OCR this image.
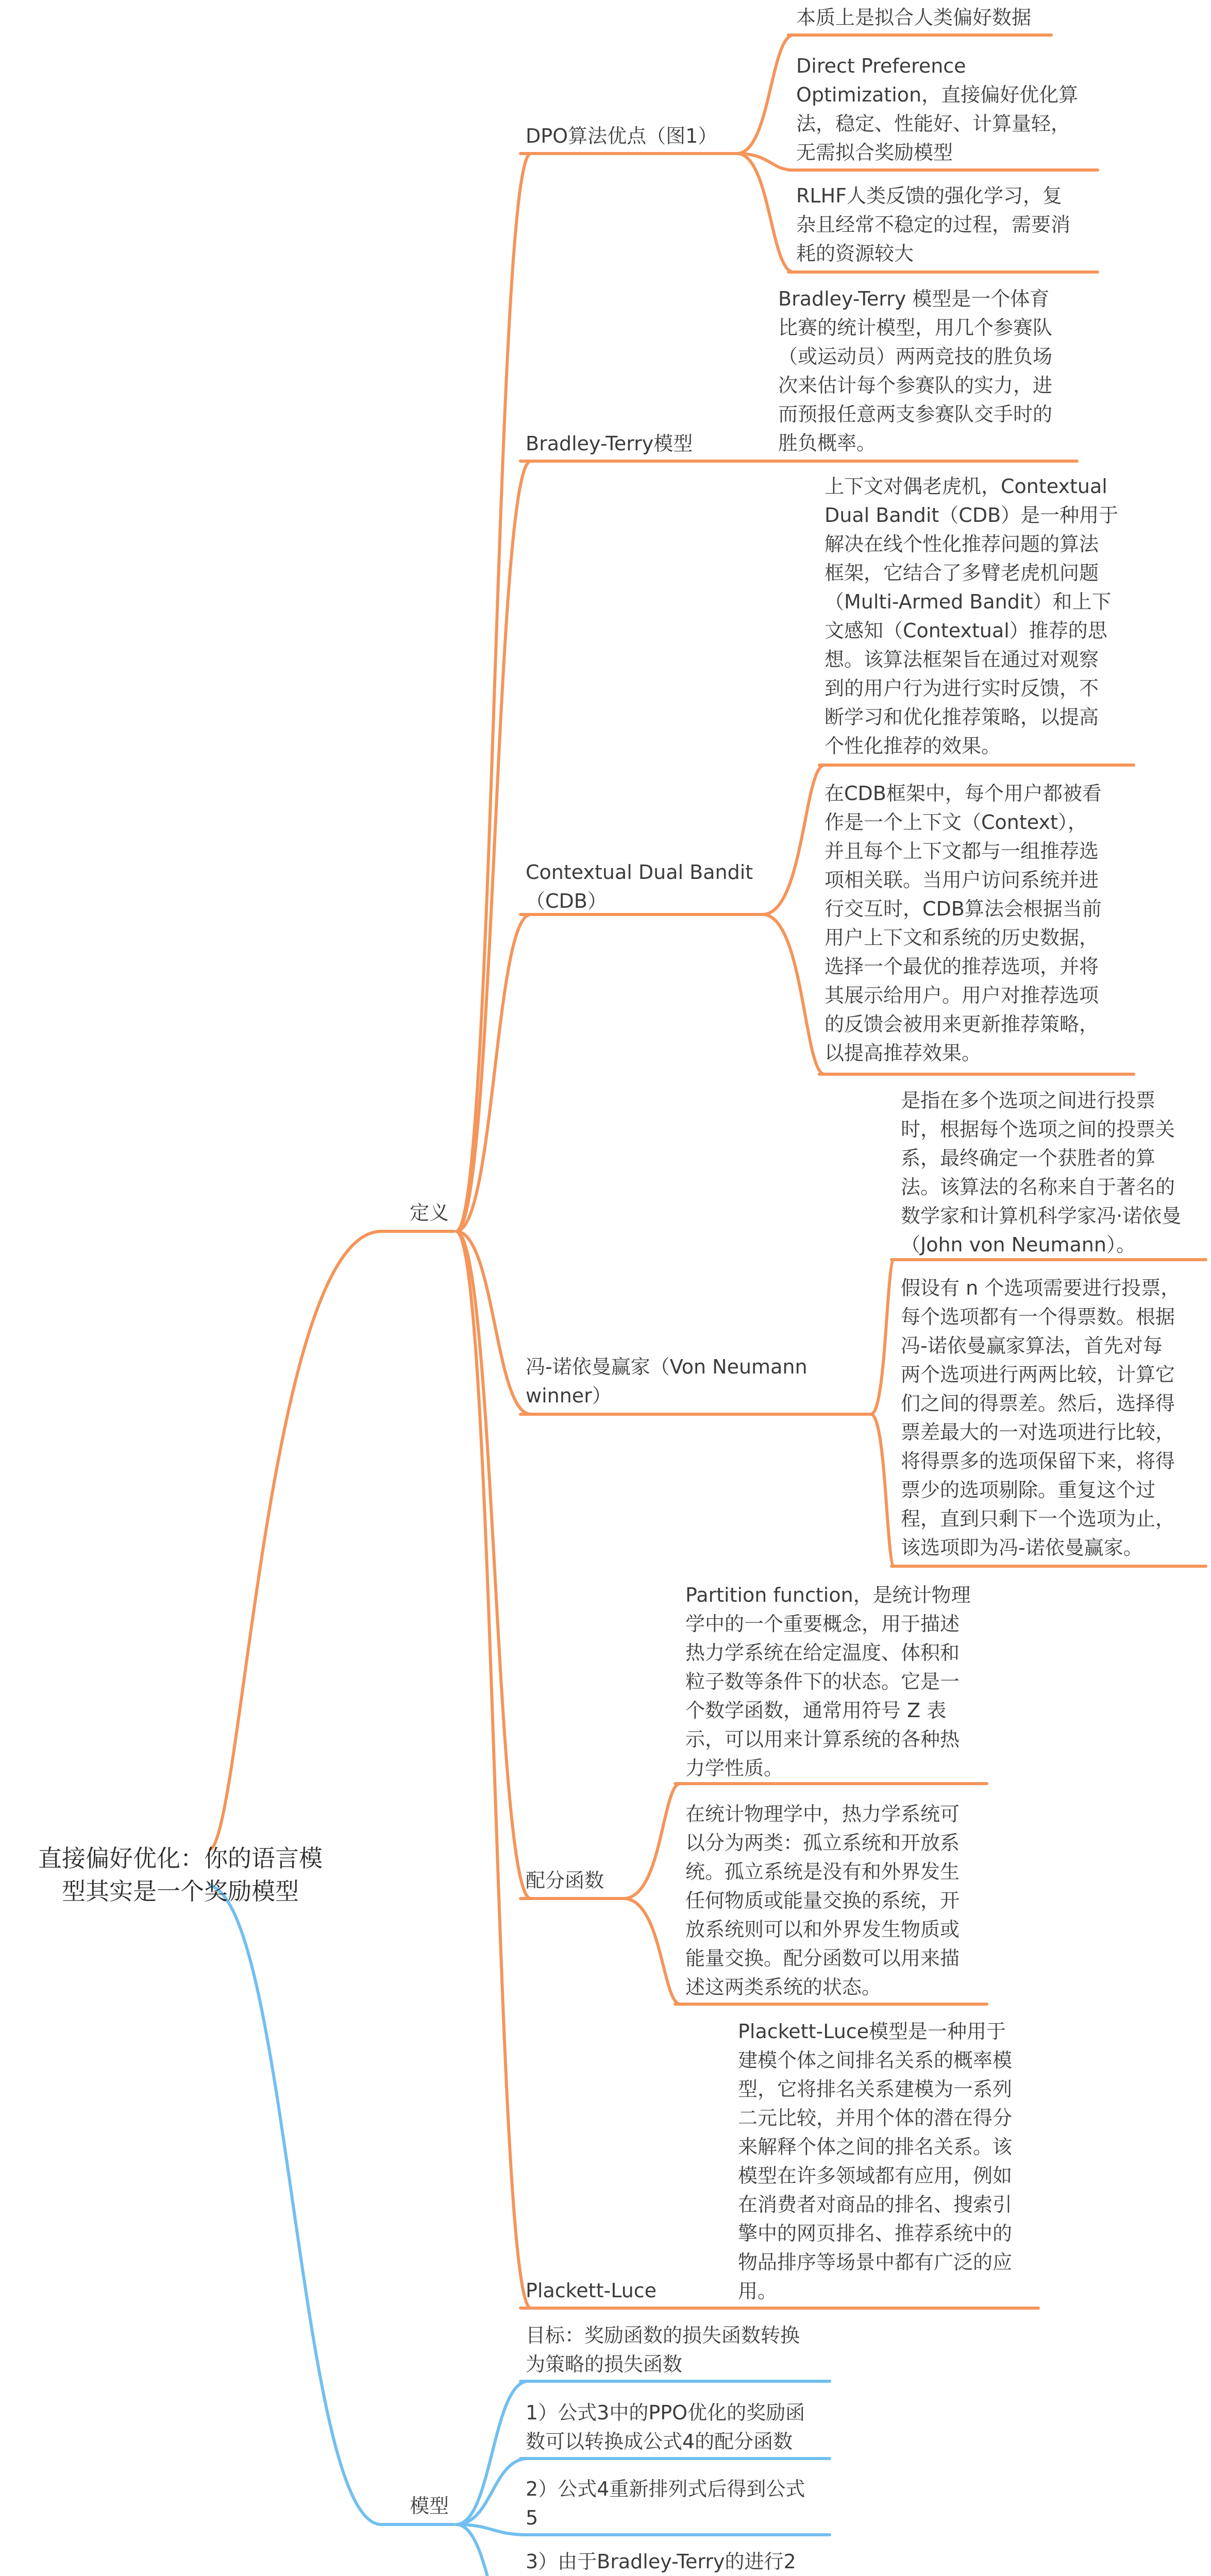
直接偏好优化：你的语言模
型其实是一个奖励模型
定义
DPO算法优点（图1）
本质上是拟合人类偏好数据
Direct Preference
Optimization，直接偏好优化算
法，稳定、性能好、计算量轻，
无需拟合奖励模型
RLHF人类反馈的强化学习，复
杂且经常不稳定的过程，需要消
耗的资源较大
Bradley-Terry模型
Bradley-Terry 模型是一个体育
比赛的统计模型，用几个参赛队
（或运动员）两两竞技的胜负场
次来估计每个参赛队的实力，进
而预报任意两支参赛队交手时的
胜负概率。
Contextual Dual Bandit
（CDB）
上下文对偶老虎机，Contextual
Dual Bandit（CDB）是一种用于
解决在线个性化推荐问题的算法
框架，它结合了多臂老虎机问题
（Multi-Armed Bandit）和上下
文感知（Contextual）推荐的思
想。该算法框架旨在通过对观察
到的用户行为进行实时反馈，不
断学习和优化推荐策略，以提高
个性化推荐的效果。
在CDB框架中，每个用户都被看
作是一个上下文（Context），
并且每个上下文都与一组推荐选
项相关联。当用户访问系统并进
行交互时，CDB算法会根据当前
用户上下文和系统的历史数据，
选择一个最优的推荐选项，并将
其展示给用户。用户对推荐选项
的反馈会被用来更新推荐策略，
以提高推荐效果。
冯-诺依曼赢家（Von Neumann
winner）
是指在多个选项之间进行投票
时，根据每个选项之间的投票关
系，最终确定一个获胜者的算
法。该算法的名称来自于著名的
数学家和计算机科学家冯·诺依曼
（John von Neumann）。
假设有 n 个选项需要进行投票，
每个选项都有一个得票数。根据
冯-诺依曼赢家算法，首先对每
两个选项进行两两比较，计算它
们之间的得票差。然后，选择得
票差最大的一对选项进行比较，
将得票多的选项保留下来，将得
票少的选项剔除。重复这个过
程，直到只剩下一个选项为止，
该选项即为冯-诺依曼赢家。
配分函数
Partition function，是统计物理
学中的一个重要概念，用于描述
热力学系统在给定温度、体积和
粒子数等条件下的状态。它是一
个数学函数，通常用符号 Z 表
示，可以用来计算系统的各种热
力学性质。
在统计物理学中，热力学系统可
以分为两类：孤立系统和开放系
统。孤立系统是没有和外界发生
任何物质或能量交换的系统，开
放系统则可以和外界发生物质或
能量交换。配分函数可以用来描
述这两类系统的状态。
Plackett-Luce
Plackett-Luce模型是一种用于
建模个体之间排名关系的概率模
型，它将排名关系建模为一系列
二元比较，并用个体的潜在得分
来解释个体之间的排名关系。该
模型在许多领域都有应用，例如
在消费者对商品的排名、搜索引
擎中的网页排名、推荐系统中的
物品排序等场景中都有广泛的应
用。
模型
目标：奖励函数的损失函数转换
为策略的损失函数
1）公式3中的PPO优化的奖励函
数可以转换成公式4的配分函数
2）公式4重新排列式后得到公式
5
3）由于Bradley-Terry的进行2
